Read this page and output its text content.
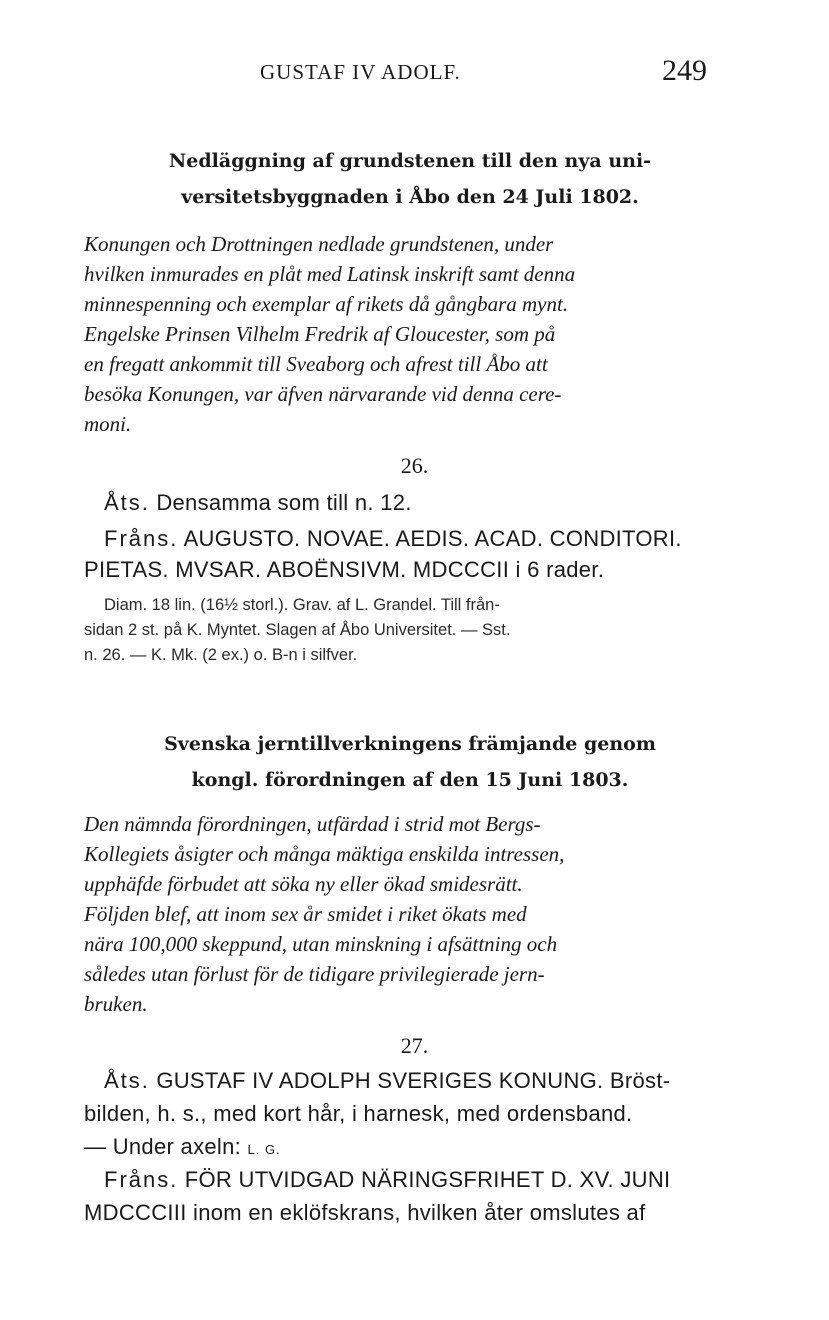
GUSTAF IV ADOLF.	249
Nedläggning af grundstenen till den nya uni-
versitetsbyggnaden i Åbo den 24 Juli 1802.
Konungen och Drottningen nedlade grundstenen, under
hvilken inmurades en plåt med Latinsk inskrift samt denna
minnespenning och exemplar af rikets då gångbara mynt.
Engelske Prinsen Vilhelm Fredrik af Gloucester, som på
en fregatt ankommit till Sveaborg och afrest till Åbo att
besöka Konungen, var äfven närvarande vid denna cere-
moni.
26.
Åts. Densamma som till n. 12.
Fråns. AUGUSTO. NOVAE. AEDIS. ACAD. CONDITORI.
PIETAS. MVSAR. ABOËNSIVM. MDCCCII i 6 rader.
Diam. 18 lin. (16½ storl.). Grav. af L. Grandel. Till från-
sidan 2 st. på K. Myntet. Slagen af Åbo Universitet. — Sst.
n. 26. — K. Mk. (2 ex.) o. B-n i silfver.
Svenska jerntillverkningens främjande genom
kongl. förordningen af den 15 Juni 1803.
Den nämnda förordningen, utfärdad i strid mot Bergs-
Kollegiets åsigter och många mäktiga enskilda intressen,
upphäfde förbudet att söka ny eller ökad smidesrätt.
Följden blef, att inom sex år smidet i riket ökats med
nära 100,000 skeppund, utan minskning i afsättning och
således utan förlust för de tidigare privilegierade jern-
bruken.
27.
Åts. GUSTAF IV ADOLPH SVERIGES KONUNG. Bröst-
bilden, h. s., med kort hår, i harnesk, med ordensband.
— Under axeln: L. G.
Fråns. FÖR UTVIDGAD NÄRINGSFRIHET D. XV. JUNI
MDCCCIII inom en eklöfskrans, hvilken åter omslutes af
